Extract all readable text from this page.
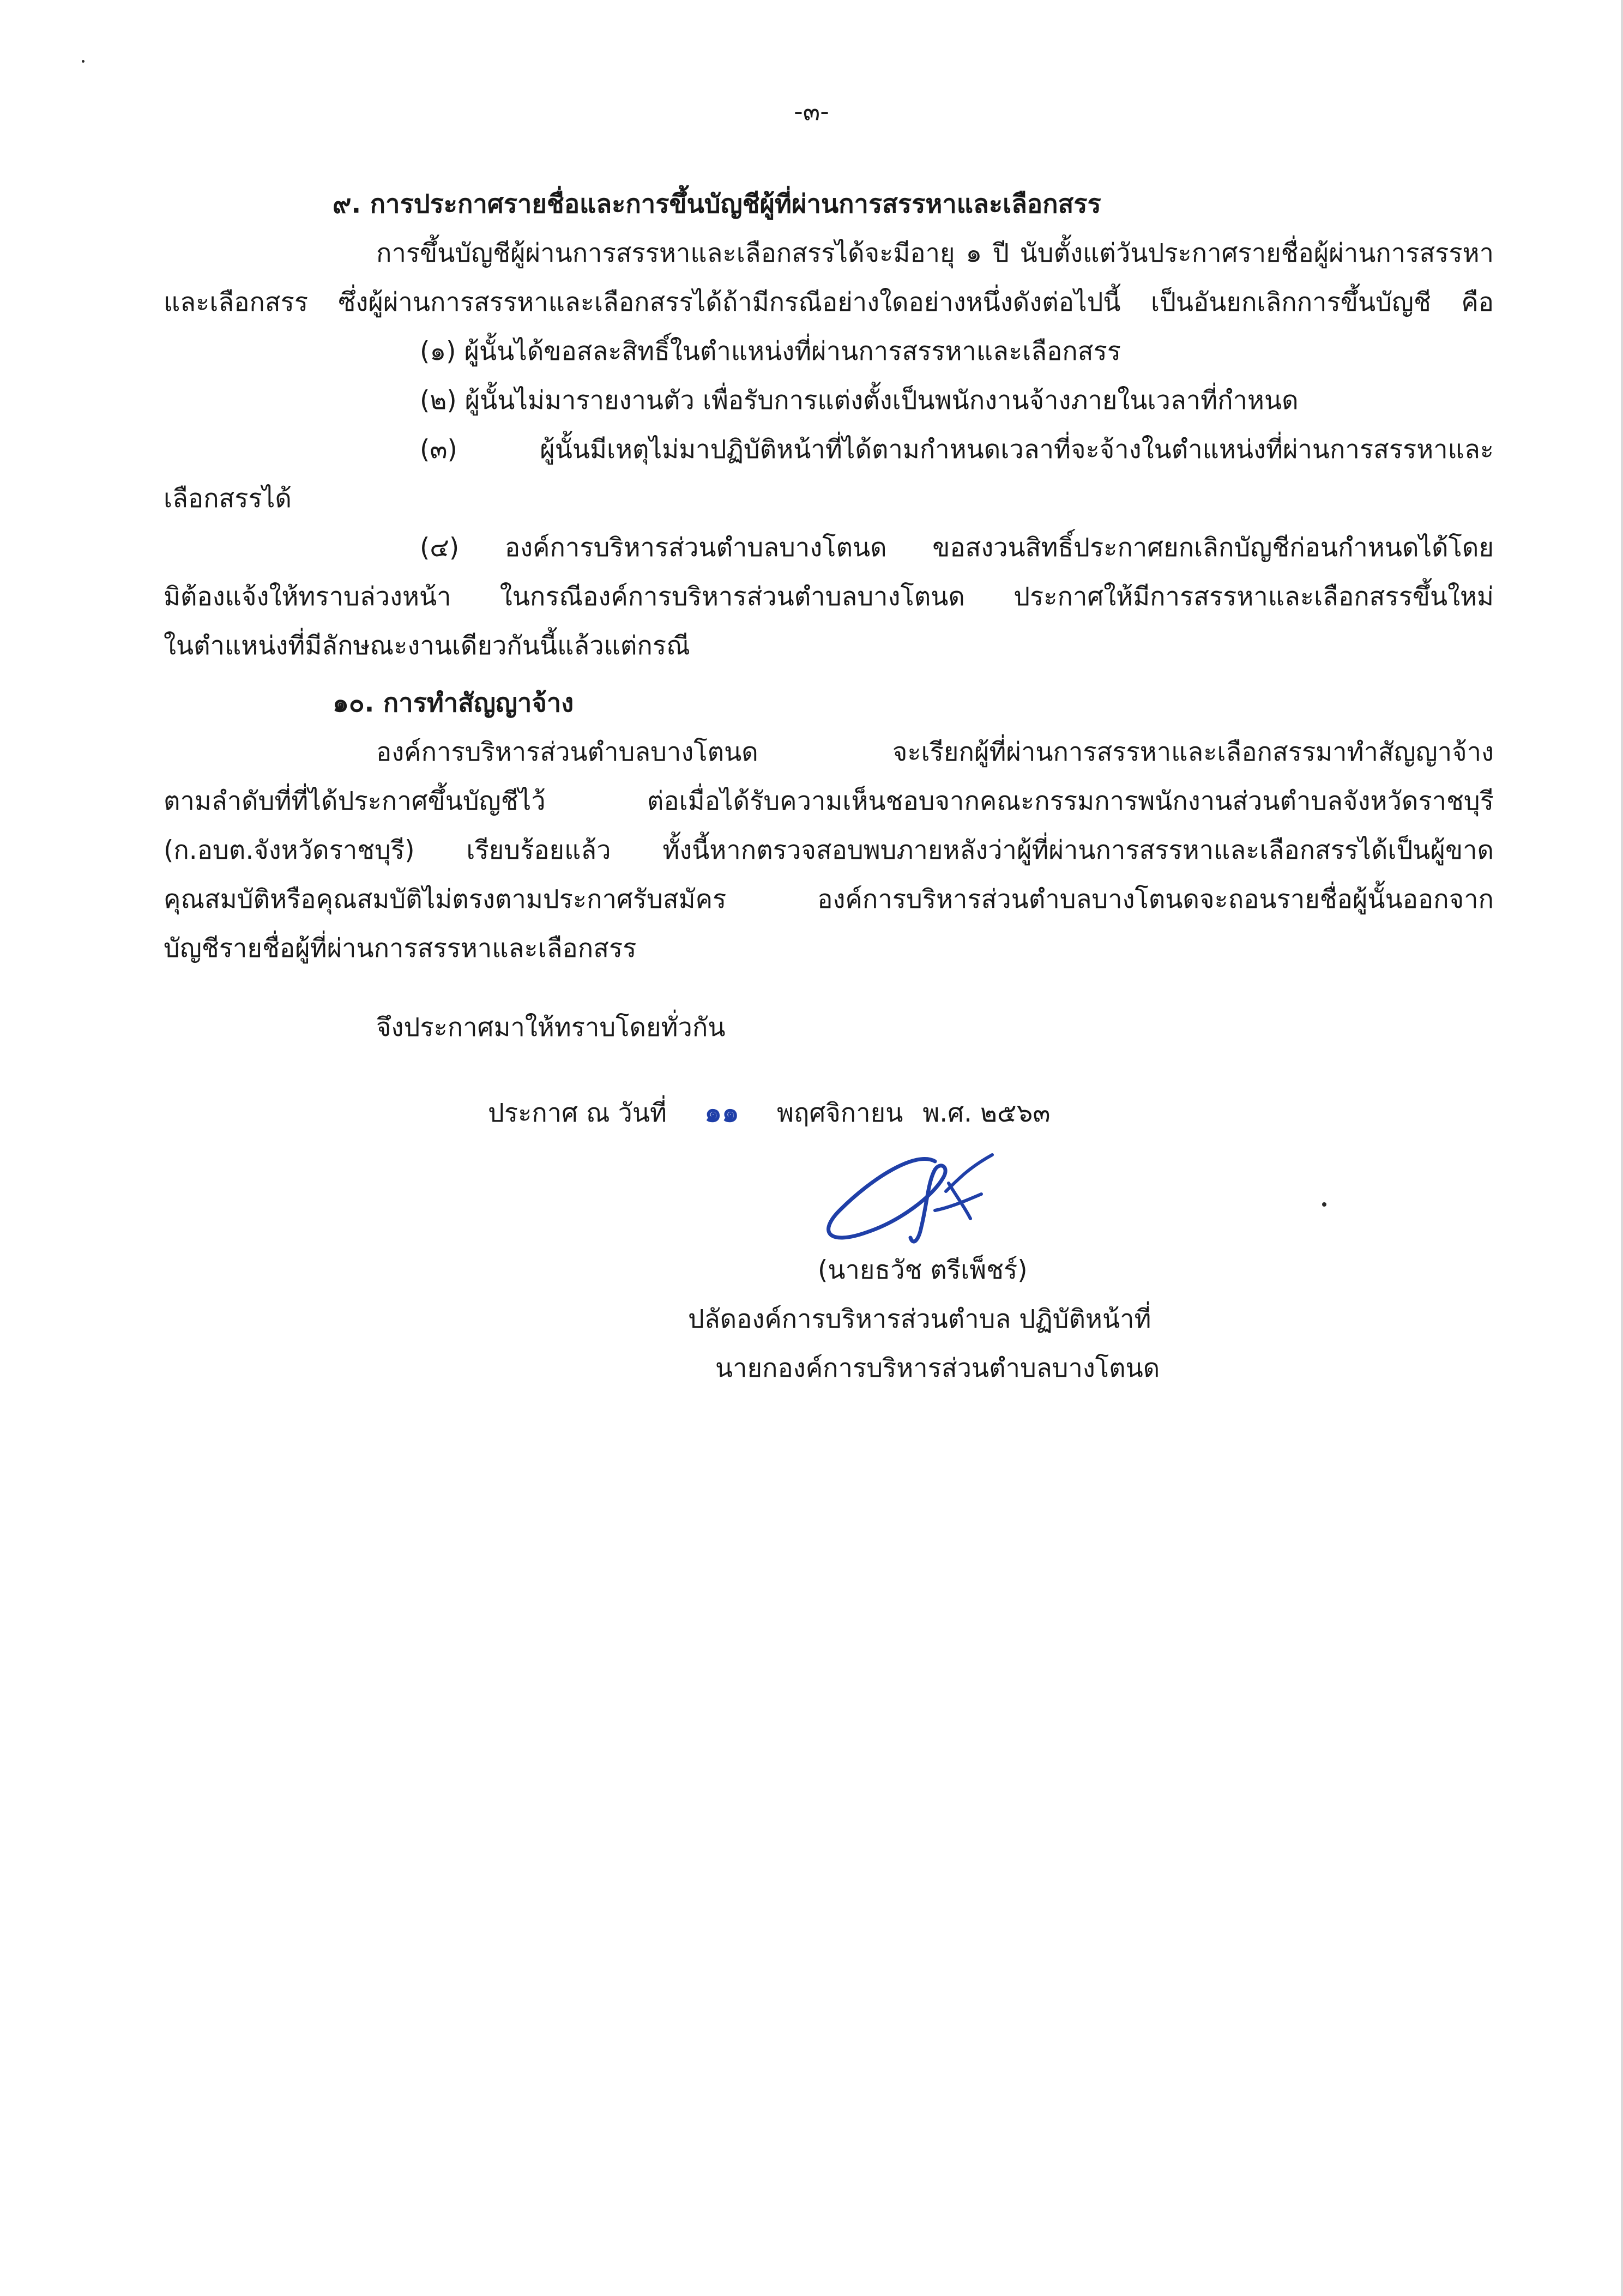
-๓-
๙. การประกาศรายชื่อและการขึ้นบัญชีผู้ที่ผ่านการสรรหาและเลือกสรร
การขึ้นบัญชีผู้ผ่านการสรรหาและเลือกสรรได้จะมีอายุ ๑ ปี นับตั้งแต่วันประกาศรายชื่อผู้ผ่านการสรรหา
และเลือกสรร ซึ่งผู้ผ่านการสรรหาและเลือกสรรได้ถ้ามีกรณีอย่างใดอย่างหนึ่งดังต่อไปนี้ เป็นอันยกเลิกการขึ้นบัญชี คือ
(๑) ผู้นั้นได้ขอสละสิทธิ์ในตำแหน่งที่ผ่านการสรรหาและเลือกสรร
(๒) ผู้นั้นไม่มารายงานตัว เพื่อรับการแต่งตั้งเป็นพนักงานจ้างภายในเวลาที่กำหนด
(๓) ผู้นั้นมีเหตุไม่มาปฏิบัติหน้าที่ได้ตามกำหนดเวลาที่จะจ้างในตำแหน่งที่ผ่านการสรรหาและ
เลือกสรรได้
(๔) องค์การบริหารส่วนตำบลบางโตนด ขอสงวนสิทธิ์ประกาศยกเลิกบัญชีก่อนกำหนดได้โดย
มิต้องแจ้งให้ทราบล่วงหน้า ในกรณีองค์การบริหารส่วนตำบลบางโตนด ประกาศให้มีการสรรหาและเลือกสรรขึ้นใหม่
ในตำแหน่งที่มีลักษณะงานเดียวกันนี้แล้วแต่กรณี
๑๐. การทำสัญญาจ้าง
องค์การบริหารส่วนตำบลบางโตนด จะเรียกผู้ที่ผ่านการสรรหาและเลือกสรรมาทำสัญญาจ้าง
ตามลำดับที่ที่ได้ประกาศขึ้นบัญชีไว้ ต่อเมื่อได้รับความเห็นชอบจากคณะกรรมการพนักงานส่วนตำบลจังหวัดราชบุรี
(ก.อบต.จังหวัดราชบุรี) เรียบร้อยแล้ว ทั้งนี้หากตรวจสอบพบภายหลังว่าผู้ที่ผ่านการสรรหาและเลือกสรรได้เป็นผู้ขาด
คุณสมบัติหรือคุณสมบัติไม่ตรงตามประกาศรับสมัคร องค์การบริหารส่วนตำบลบางโตนดจะถอนรายชื่อผู้นั้นออกจาก
บัญชีรายชื่อผู้ที่ผ่านการสรรหาและเลือกสรร
จึงประกาศมาให้ทราบโดยทั่วกัน
ประกาศ ณ วันที่ ๑๑ พฤศจิกายน พ.ศ. ๒๕๖๓
(นายธวัช ตรีเพ็ชร์)
ปลัดองค์การบริหารส่วนตำบล ปฏิบัติหน้าที่
นายกองค์การบริหารส่วนตำบลบางโตนด
